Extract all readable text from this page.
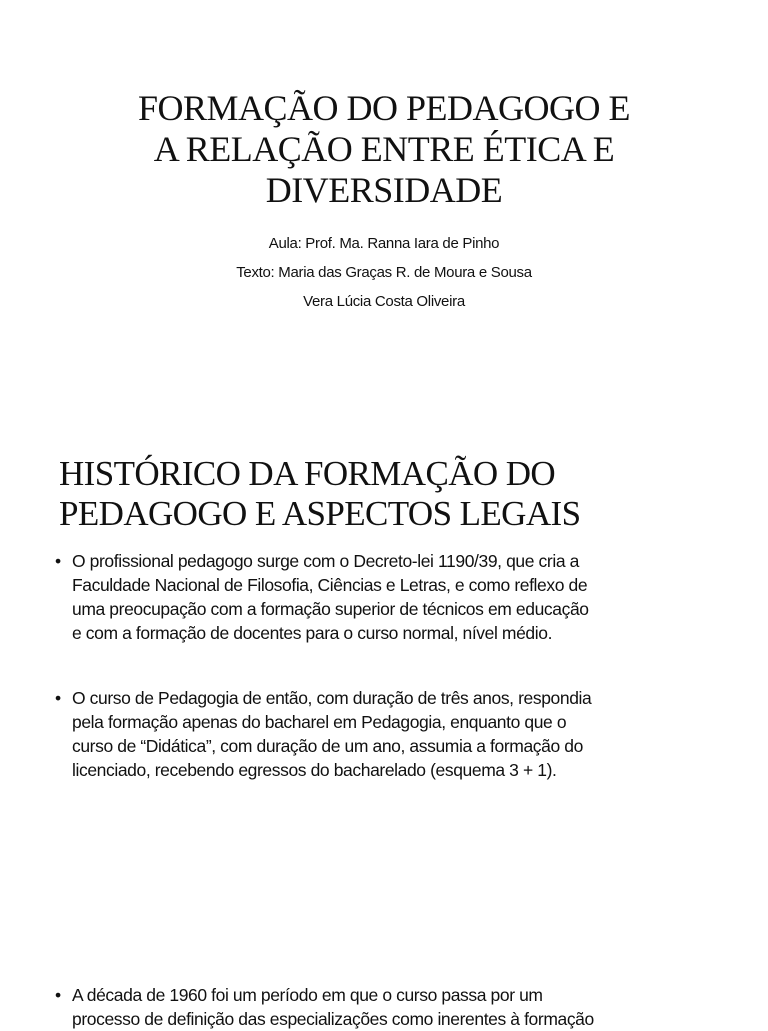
FORMAÇÃO DO PEDAGOGO E
A RELAÇÃO ENTRE ÉTICA E
DIVERSIDADE
Aula: Prof. Ma. Ranna Iara de Pinho
Texto: Maria das Graças R. de Moura e Sousa
Vera Lúcia Costa Oliveira
HISTÓRICO DA FORMAÇÃO DO
PEDAGOGO E ASPECTOS LEGAIS
• O profissional pedagogo surge com o Decreto-lei 1190/39, que cria a
Faculdade Nacional de Filosofia, Ciências e Letras, e como reflexo de
uma preocupação com a formação superior de técnicos em educação
e com a formação de docentes para o curso normal, nível médio.
• O curso de Pedagogia de então, com duração de três anos, respondia
pela formação apenas do bacharel em Pedagogia, enquanto que o
curso de “Didática”, com duração de um ano, assumia a formação do
licenciado, recebendo egressos do bacharelado (esquema 3 + 1).
• A década de 1960 foi um período em que o curso passa por um
processo de definição das especializações como inerentes à formação
